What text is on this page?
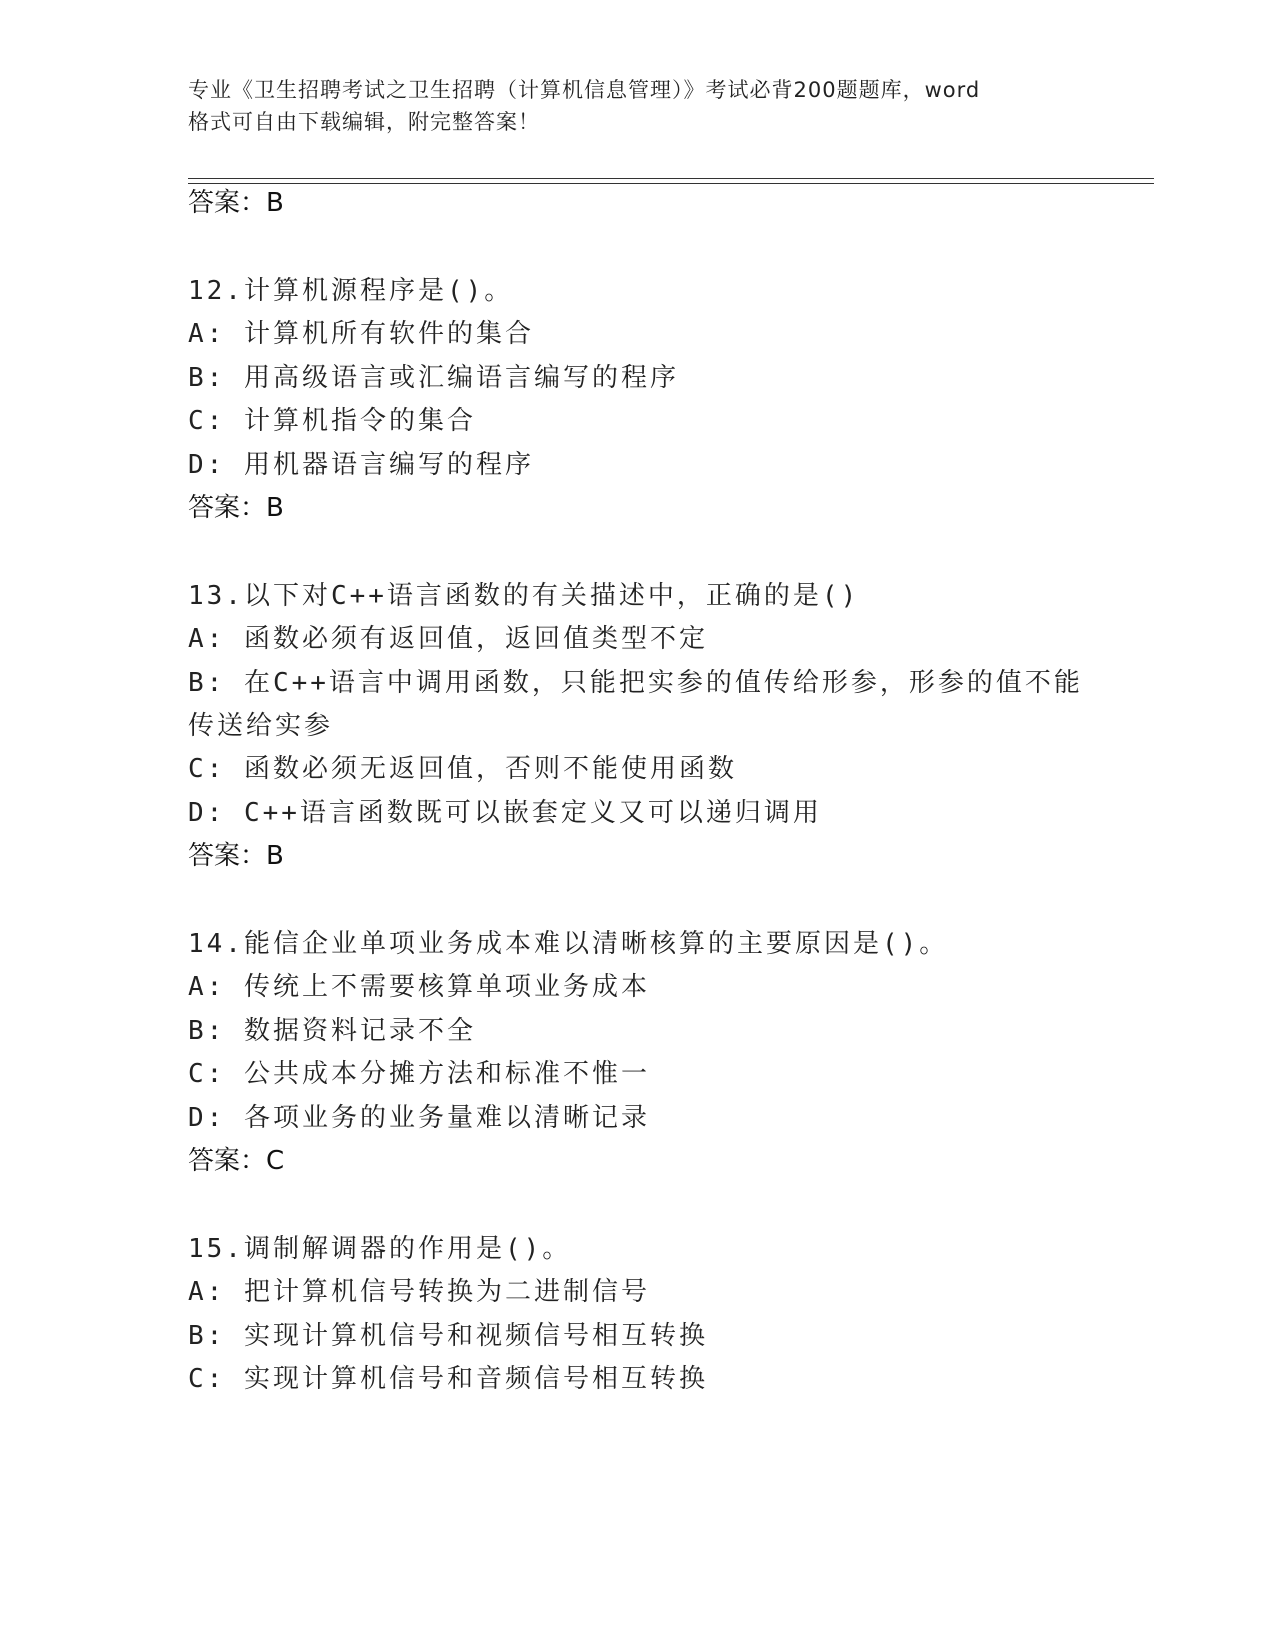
专业《卫生招聘考试之卫生招聘（计算机信息管理）》考试必背200题题库，word
格式可自由下载编辑，附完整答案！
答案：B
12.计算机源程序是()。
A: 计算机所有软件的集合
B: 用高级语言或汇编语言编写的程序
C: 计算机指令的集合
D: 用机器语言编写的程序
答案：B
13.以下对C++语言函数的有关描述中，正确的是()
A: 函数必须有返回值，返回值类型不定
B: 在C++语言中调用函数，只能把实参的值传给形参，形参的值不能
传送给实参
C: 函数必须无返回值，否则不能使用函数
D: C++语言函数既可以嵌套定义又可以递归调用
答案：B
14.能信企业单项业务成本难以清晰核算的主要原因是()。
A: 传统上不需要核算单项业务成本
B: 数据资料记录不全
C: 公共成本分摊方法和标准不惟一
D: 各项业务的业务量难以清晰记录
答案：C
15.调制解调器的作用是()。
A: 把计算机信号转换为二进制信号
B: 实现计算机信号和视频信号相互转换
C: 实现计算机信号和音频信号相互转换
